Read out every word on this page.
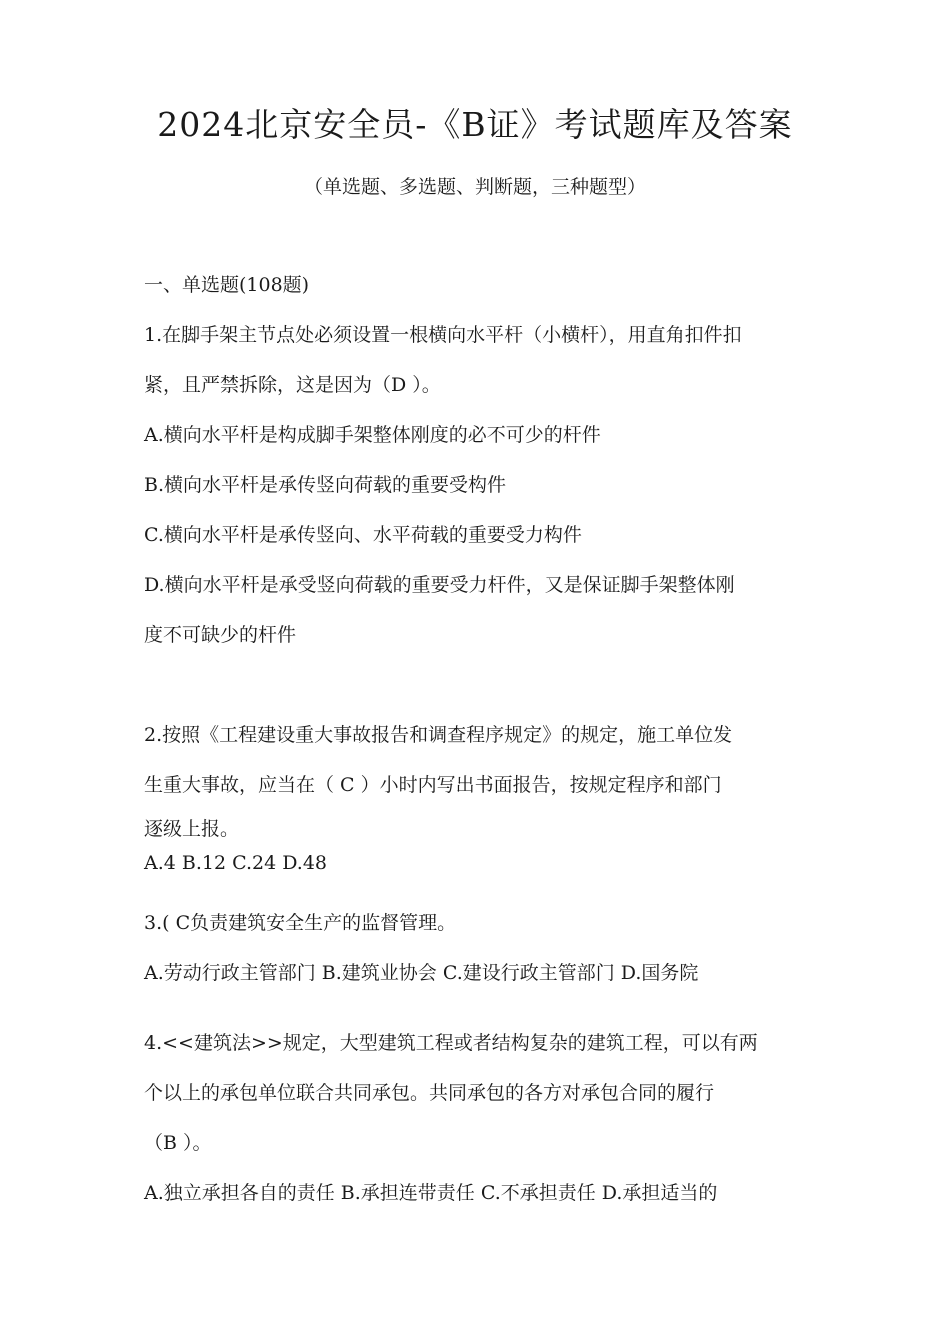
2024北京安全员-《B证》考试题库及答案
（单选题、多选题、判断题，三种题型）
一、单选题(108题)

1.在脚手架主节点处必须设置一根横向水平杆（小横杆），用直角扣件扣

紧，且严禁拆除，这是因为（D ）。

A.横向水平杆是构成脚手架整体刚度的必不可少的杆件

B.横向水平杆是承传竖向荷载的重要受构件

C.横向水平杆是承传竖向、水平荷载的重要受力构件

D.横向水平杆是承受竖向荷载的重要受力杆件，又是保证脚手架整体刚

度不可缺少的杆件

2.按照《工程建设重大事故报告和调查程序规定》的规定，施工单位发

生重大事故，应当在（ C ）小时内写出书面报告，按规定程序和部门

逐级上报。

A.4 B.12 C.24 D.48

3.( C负责建筑安全生产的监督管理。

A.劳动行政主管部门 B.建筑业协会 C.建设行政主管部门 D.国务院

4.<<建筑法>>规定，大型建筑工程或者结构复杂的建筑工程，可以有两

个以上的承包单位联合共同承包。共同承包的各方对承包合同的履行

（B ）。

A.独立承担各自的责任 B.承担连带责任 C.不承担责任 D.承担适当的
